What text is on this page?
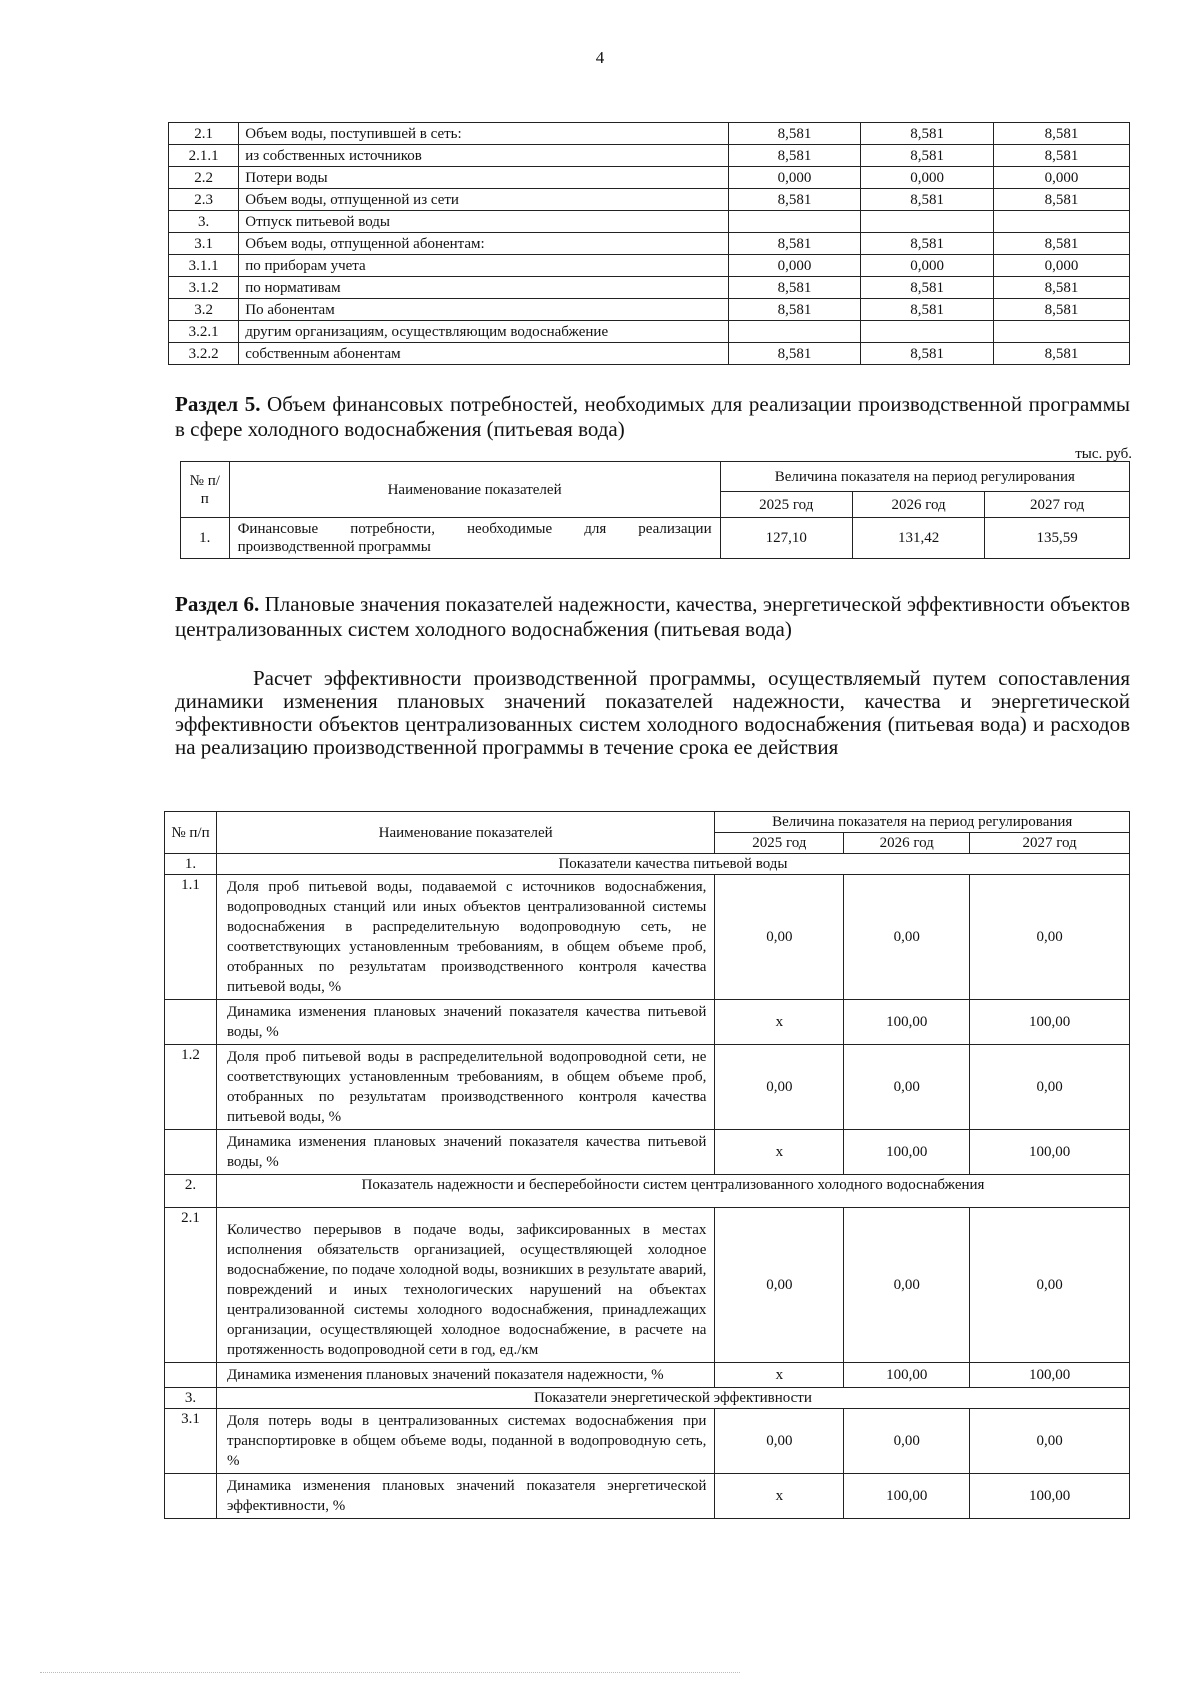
4
2.1	Объем воды, поступившей в сеть:	8,581	8,581	8,581
2.1.1	из собственных источников	8,581	8,581	8,581
2.2	Потери воды	0,000	0,000	0,000
2.3	Объем воды, отпущенной из сети	8,581	8,581	8,581
3.	Отпуск питьевой воды			
3.1	Объем воды, отпущенной абонентам:	8,581	8,581	8,581
3.1.1	по приборам учета	0,000	0,000	0,000
3.1.2	по нормативам	8,581	8,581	8,581
3.2	По абонентам	8,581	8,581	8,581
3.2.1	другим организациям, осуществляющим водоснабжение			
3.2.2	собственным абонентам	8,581	8,581	8,581
Раздел 5. Объем финансовых потребностей, необходимых для реализации производственной программы в сфере холодного водоснабжения (питьевая вода)
тыс. руб.
№ п/п	Наименование показателей	Величина показателя на период регулирования		
		2025 год	2026 год	2027 год
1.	Финансовые потребности, необходимые для реализации производственной программы	127,10	131,42	135,59
Раздел 6. Плановые значения показателей надежности, качества, энергетической эффективности объектов централизованных систем холодного водоснабжения (питьевая вода)
Расчет эффективности производственной программы, осуществляемый путем сопоставления динамики изменения плановых значений показателей надежности, качества и энергетической эффективности объектов централизованных систем холодного водоснабжения (питьевая вода) и расходов на реализацию производственной программы в течение срока ее действия
№ п/п	Наименование показателей	Величина показателя на период регулирования		
		2025 год	2026 год	2027 год
1.	Показатели качества питьевой воды			
1.1	Доля проб питьевой воды, подаваемой с источников водоснабжения, водопроводных станций или иных объектов централизованной системы водоснабжения в распределительную водопроводную сеть, не соответствующих установленным требованиям, в общем объеме проб, отобранных по результатам производственного контроля качества питьевой воды, %	0,00	0,00	0,00
	Динамика изменения плановых значений показателя качества питьевой воды, %	х	100,00	100,00
1.2	Доля проб питьевой воды в распределительной водопроводной сети, не соответствующих установленным требованиям, в общем объеме проб, отобранных по результатам производственного контроля качества питьевой воды, %	0,00	0,00	0,00
	Динамика изменения плановых значений показателя качества питьевой воды, %	х	100,00	100,00
2.	Показатель надежности и бесперебойности систем централизованного холодного водоснабжения			
2.1	Количество перерывов в подаче воды, зафиксированных в местах исполнения обязательств организацией, осуществляющей холодное водоснабжение, по подаче холодной воды, возникших в результате аварий, повреждений и иных технологических нарушений на объектах централизованной системы холодного водоснабжения, принадлежащих организации, осуществляющей холодное водоснабжение, в расчете на протяженность водопроводной сети в год, ед./км	0,00	0,00	0,00
	Динамика изменения плановых значений показателя надежности, %	х	100,00	100,00
3.	Показатели энергетической эффективности			
3.1	Доля потерь воды в централизованных системах водоснабжения при транспортировке в общем объеме воды, поданной в водопроводную сеть, %	0,00	0,00	0,00
	Динамика изменения плановых значений показателя энергетической эффективности, %	х	100,00	100,00
